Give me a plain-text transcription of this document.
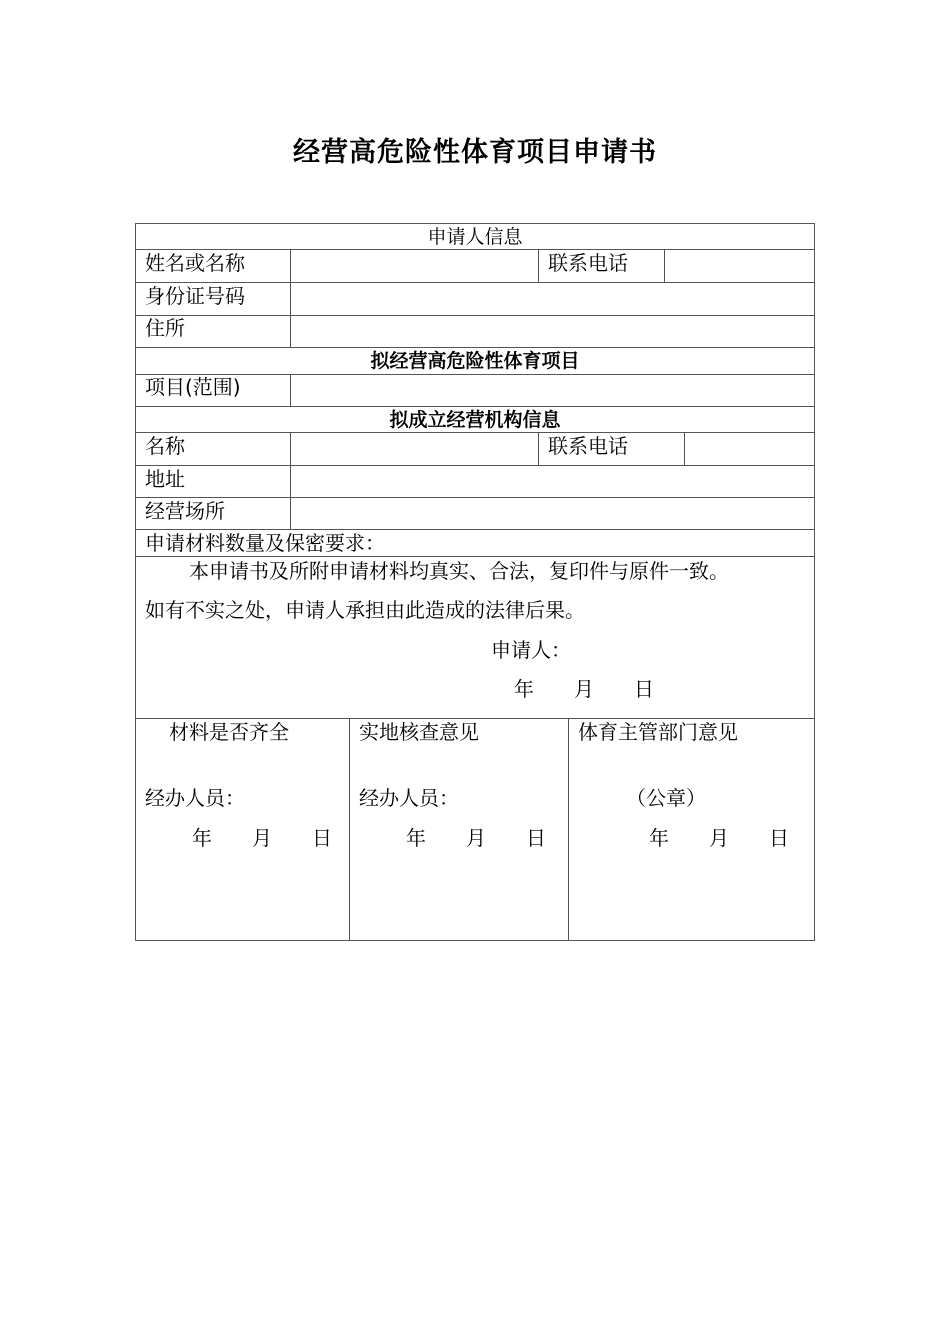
经营高危险性体育项目申请书
申请人信息
姓名或名称	联系电话
身份证号码
住所
拟经营高危险性体育项目
项目(范围)
拟成立经营机构信息
名称	联系电话
地址
经营场所
申请材料数量及保密要求：
本申请书及所附申请材料均真实、合法，复印件与原件一致。
如有不实之处，申请人承担由此造成的法律后果。
申请人：
年　　月　　日
材料是否齐全
经办人员：
年　　月　　日
实地核查意见
经办人员：
年　　月　　日
体育主管部门意见
（公章）
年　　月　　日
